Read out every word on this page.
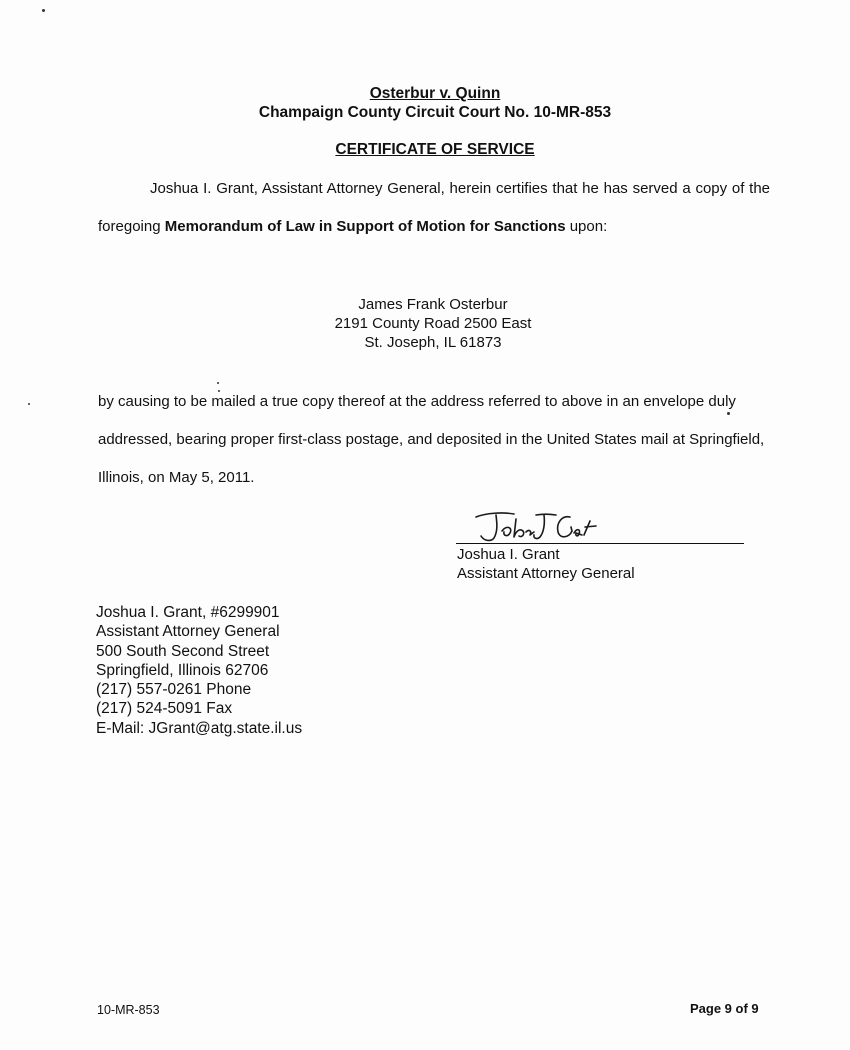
Osterbur v. Quinn
Champaign County Circuit Court No. 10-MR-853
CERTIFICATE OF SERVICE
Joshua I. Grant, Assistant Attorney General, herein certifies that he has served a copy of the foregoing Memorandum of Law in Support of Motion for Sanctions upon:
James Frank Osterbur
2191 County Road 2500 East
St. Joseph, IL 61873
by causing to be mailed a true copy thereof at the address referred to above in an envelope duly addressed, bearing proper first-class postage, and deposited in the United States mail at Springfield, Illinois, on May 5, 2011.
Joshua I. Grant
Assistant Attorney General
Joshua I. Grant, #6299901
Assistant Attorney General
500 South Second Street
Springfield, Illinois 62706
(217) 557-0261 Phone
(217) 524-5091 Fax
E-Mail: JGrant@atg.state.il.us
10-MR-853	Page 9 of 9
